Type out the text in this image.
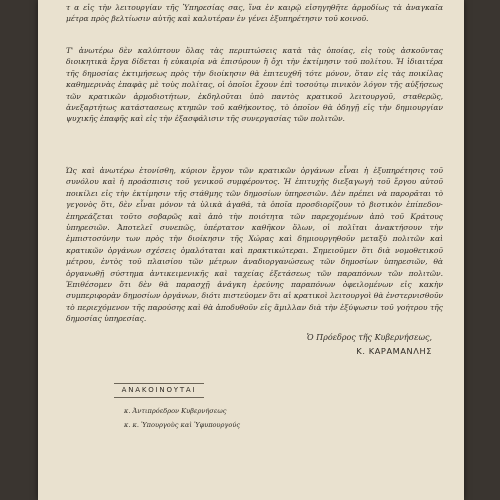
τ α εἰς τὴν λειτουργίαν τῆς Ὑπηρεσίας σας, ἵνα ἐν καιρῷ εἰσηγηθῆτε ἁρμοδίως τὰ ἀναγκαῖα μέτρα πρὸς βελτίωσιν αὐτῆς καὶ καλυτέραν ἐν γένει ἐξυπηρέτησιν τοῦ κοινοῦ.

Τ' ἀνωτέρω δὲν καλύπτουν ὅλας τὰς περιπτώσεις κατὰ τὰς ὁποίας, εἰς τοὺς ἀσκοῦντας διοικητικὰ ἔργα δίδεται ἡ εὐκαιρία νὰ ἐπισύρουν ἢ ὄχι τὴν ἐκτίμησιν τοῦ πολίτου. Ἡ ἰδιαιτέρα τῆς δημοσίας ἐκτιμήσεως πρὸς τὴν διοίκησιν θὰ ἐπιτευχθῆ τότε μόνον, ὅταν εἰς τὰς ποικίλας καθημερινὰς ἐπαφὰς μὲ τοὺς πολίτας, οἱ ὁποῖοι ἔχουν ἐπὶ τοσούτῳ πινικὸν λόγον τῆς αὐξήσεως τῶν κρατικῶν ἁρμοδιοτήτων, ἐκδηλοῦται ὑπὸ παντὸς κρατικοῦ λειτουργοῦ, σταθερῶς, ἀνεξαρτήτως κατάστασεως κτηπῶν τοῦ καθήκοντος, τὸ ὁποῖον θὰ ὁδηγῇ εἰς τὴν δημιουργίαν ψυχικῆς ἐπαφῆς καὶ εἰς τὴν ἐξασφάλισιν τῆς συνεργασίας τῶν πολιτῶν.

Ὡς καὶ ἀνωτέρω ἐτονίσθη, κύριον ἔργον τῶν κρατικῶν ὀργάνων εἶναι ἡ ἐξυπηρέτησις τοῦ συνόλου καὶ ἡ προάσπισις τοῦ γενικοῦ συμφέροντος. Ἡ ἐπιτυχὴς διεξαγωγὴ τοῦ ἔργου αὐτοῦ ποικίλει εἰς τὴν ἐκτίμησιν τῆς στάθμης τῶν δημοσίων ὑπηρεσιῶν. Δὲν πρέπει νὰ παρορᾶται τὸ γεγονὸς ὅτι, δὲν εἶναι μόνον τὰ ὑλικὰ ἀγαθά, τὰ ὁποῖα προσδιορίζουν τὸ βιοτικὸν ἐπίπεδον· ἐπηρεάζεται τοῦτο σοβαρῶς καὶ ἀπὸ τὴν ποιότητα τῶν παρεχομένων ἀπὸ τοῦ Κράτους ὑπηρεσιῶν. Ἀποτελεῖ συνεπῶς, ὑπέρτατον καθῆκον ὅλων, οἱ πολῖται ἀνακτήσουν τὴν ἐμπιστοσύνην των πρὸς τὴν διοίκησιν τῆς Χώρας καὶ δημιουργηθοῦν μεταξὺ πολιτῶν καὶ κρατικῶν ὀργάνων σχέσεις ὁμαλόταται καὶ πρακτικώτεραι. Σημειοῦμεν ὅτι διὰ νομοθετικοῦ μέτρου, ἐντὸς τοῦ πλαισίου τῶν μέτρων ἀναδιοργανώσεως τῶν δημοσίων ὑπηρεσιῶν, θὰ ὀργανωθῇ σύστημα ἀντικειμενικῆς καὶ ταχείας ἐξετάσεως τῶν παραπόνων τῶν πολιτῶν. Ἐπιθέσομεν ὅτι δὲν θὰ παρασχῇ ἀνάγκη ἐρεύνης παραπόνων ὀφειλομένων εἰς κακὴν συμπεριφορὰν δημοσίων ὀργάνων, διότι πιστεύομεν ὅτι αἱ κρατικοὶ λειτουργοὶ θὰ ἐνστερνισθοῦν τὸ περιεχόμενον τῆς παρούσης καὶ θὰ ἀποδυθοῦν εἰς ἅμιλλαν διὰ τὴν ἐξύψωσιν τοῦ γοήτρου τῆς δημοσίας ὑπηρεσίας.

Ὁ Πρόεδρος τῆς Κυβερνήσεως,
Κ. ΚΑΡΑΜΑΝΛΗΣ
ΑΝΑΚΟΙΝΟΥΤΑΙ
κ. Ἀντιπρόεδρον Κυβερνήσεως
κ. κ. Ὑπουργοὺς καὶ Ὑφυπουργούς
